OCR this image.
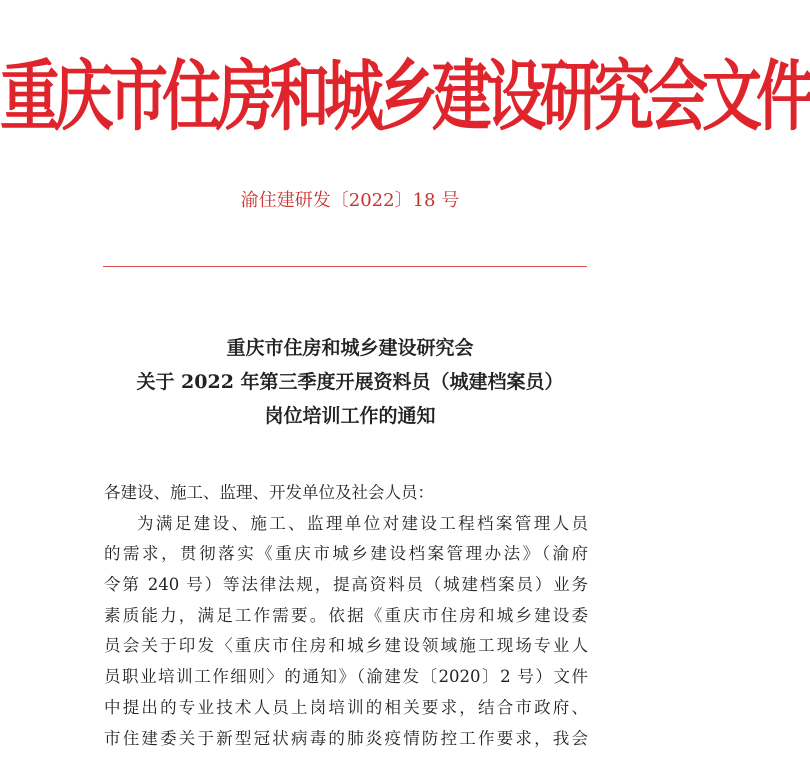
重庆市住房和城乡建设研究会文件
渝住建研发〔2022〕18 号
重庆市住房和城乡建设研究会
关于 2022 年第三季度开展资料员（城建档案员）
岗位培训工作的通知
各建设、施工、监理、开发单位及社会人员：
为满足建设、施工、监理单位对建设工程档案管理人员
的需求，贯彻落实《重庆市城乡建设档案管理办法》（渝府
令第 240 号）等法律法规，提高资料员（城建档案员）业务
素质能力，满足工作需要。依据《重庆市住房和城乡建设委
员会关于印发〈重庆市住房和城乡建设领域施工现场专业人
员职业培训工作细则〉的通知》（渝建发〔2020〕2 号）文件
中提出的专业技术人员上岗培训的相关要求，结合市政府、
市住建委关于新型冠状病毒的肺炎疫情防控工作要求，我会
